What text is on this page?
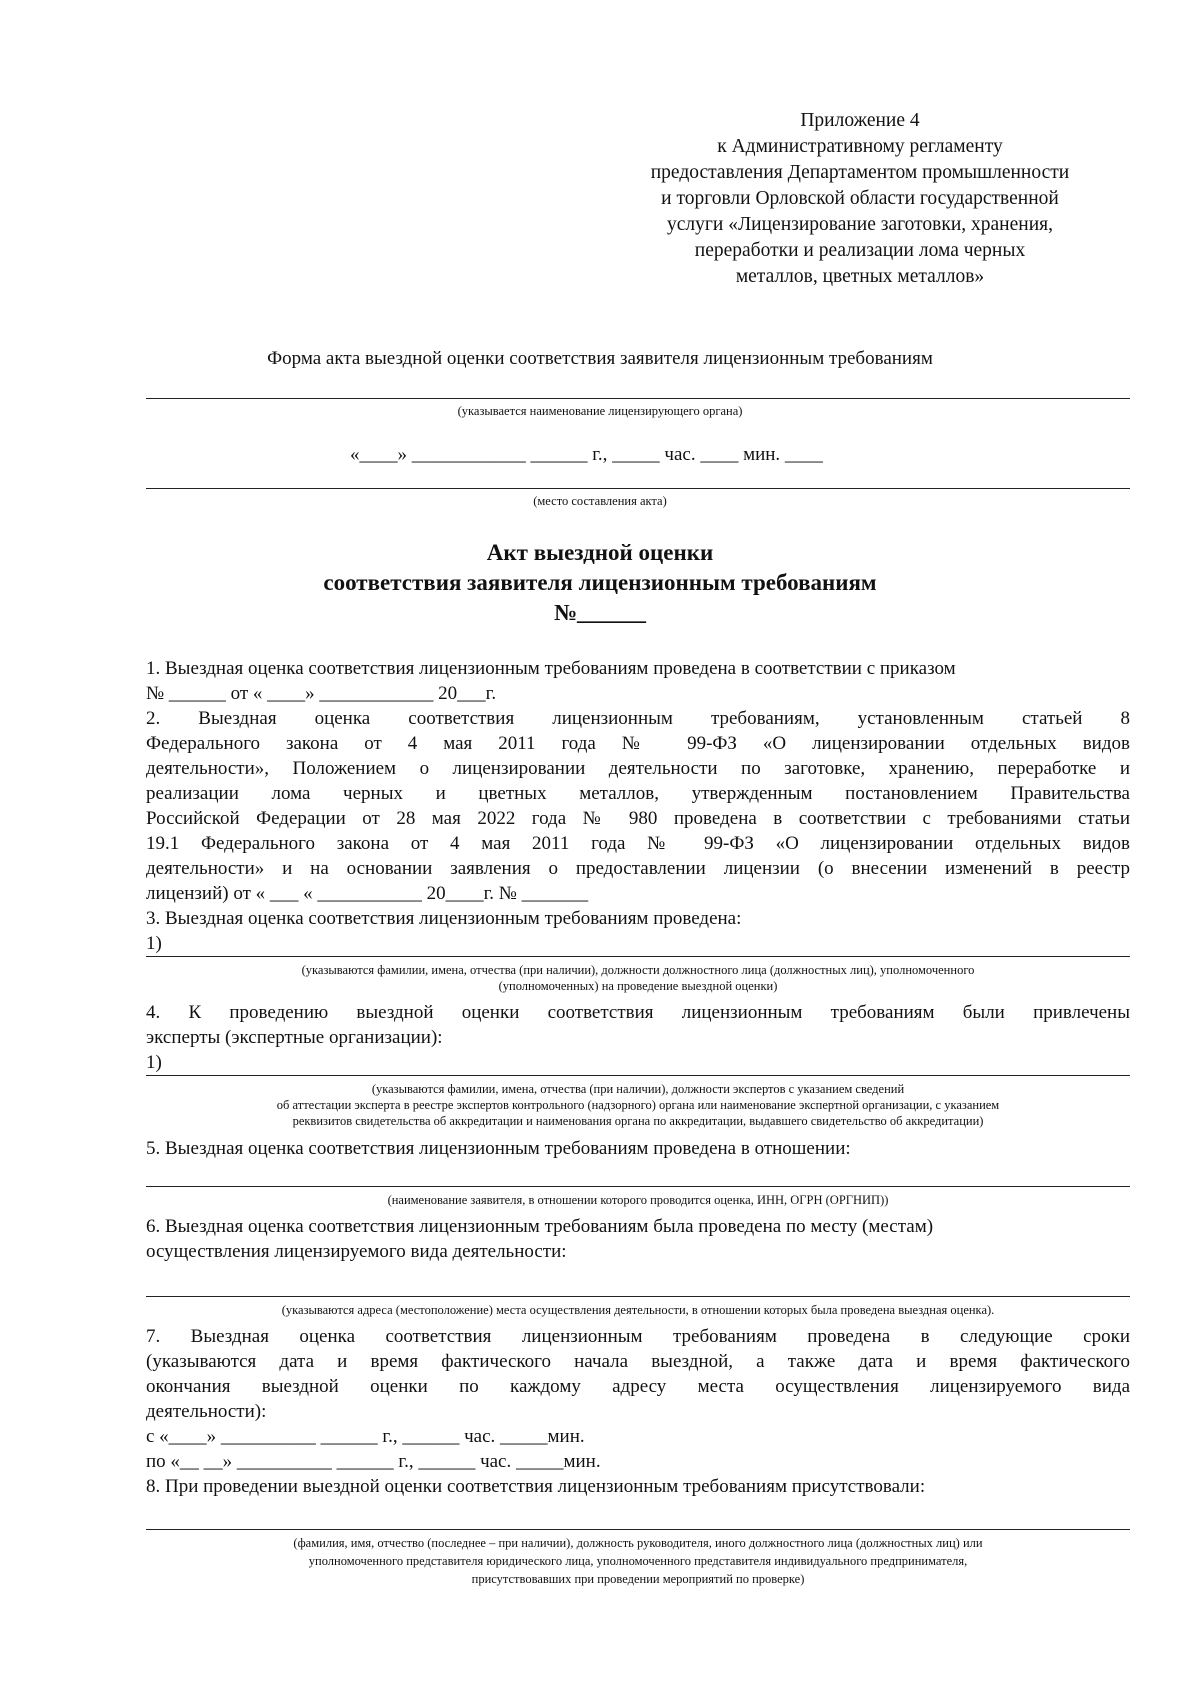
Приложение 4
к Административному регламенту
предоставления Департаментом промышленности
и торговли Орловской области государственной
услуги «Лицензирование заготовки, хранения,
переработки и реализации лома черных
металлов, цветных металлов»
Форма акта выездной оценки соответствия заявителя лицензионным требованиям
(указывается наименование лицензирующего органа)
«____» ____________ ______ г., _____ час. ____ мин. ____
(место составления акта)
Акт выездной оценки
соответствия заявителя лицензионным требованиям
№______
1. Выездная оценка соответствия лицензионным требованиям проведена в соответствии с приказом
№ ______ от « ____» ____________ 20___г.
2. Выездная оценка соответствия лицензионным требованиям, установленным статьей 8
Федерального закона от 4 мая 2011 года № 99-ФЗ «О лицензировании отдельных видов
деятельности», Положением о лицензировании деятельности по заготовке, хранению, переработке и
реализации лома черных и цветных металлов, утвержденным постановлением Правительства
Российской Федерации от 28 мая 2022 года № 980 проведена в соответствии с требованиями статьи
19.1 Федерального закона от 4 мая 2011 года № 99-ФЗ «О лицензировании отдельных видов
деятельности» и на основании заявления о предоставлении лицензии (о внесении изменений в реестр
лицензий) от « ___ « ___________ 20____г. № _______
3. Выездная оценка соответствия лицензионным требованиям проведена:
1)
(указываются фамилии, имена, отчества (при наличии), должности должностного лица (должностных лиц), уполномоченного
(уполномоченных) на проведение выездной оценки)
4. К проведению выездной оценки соответствия лицензионным требованиям были привлечены
эксперты (экспертные организации):
1)
(указываются фамилии, имена, отчества (при наличии), должности экспертов с указанием сведений
об аттестации эксперта в реестре экспертов контрольного (надзорного) органа или наименование экспертной организации, с указанием
реквизитов свидетельства об аккредитации и наименования органа по аккредитации, выдавшего свидетельство об аккредитации)
5. Выездная оценка соответствия лицензионным требованиям проведена в отношении:
(наименование заявителя, в отношении которого проводится оценка, ИНН, ОГРН (ОРГНИП))
6. Выездная оценка соответствия лицензионным требованиям была проведена по месту (местам)
осуществления лицензируемого вида деятельности:
(указываются адреса (местоположение) места осуществления деятельности, в отношении которых была проведена выездная оценка).
7. Выездная оценка соответствия лицензионным требованиям проведена в следующие сроки
(указываются дата и время фактического начала выездной, а также дата и время фактического
окончания выездной оценки по каждому адресу места осуществления лицензируемого вида
деятельности):
с «____» __________ ______ г., ______ час. _____мин.
по «__ __» __________ ______ г., ______ час. _____мин.
8. При проведении выездной оценки соответствия лицензионным требованиям присутствовали:
(фамилия, имя, отчество (последнее – при наличии), должность руководителя, иного должностного лица (должностных лиц) или
уполномоченного представителя юридического лица, уполномоченного представителя индивидуального предпринимателя,
присутствовавших при проведении мероприятий по проверке)
